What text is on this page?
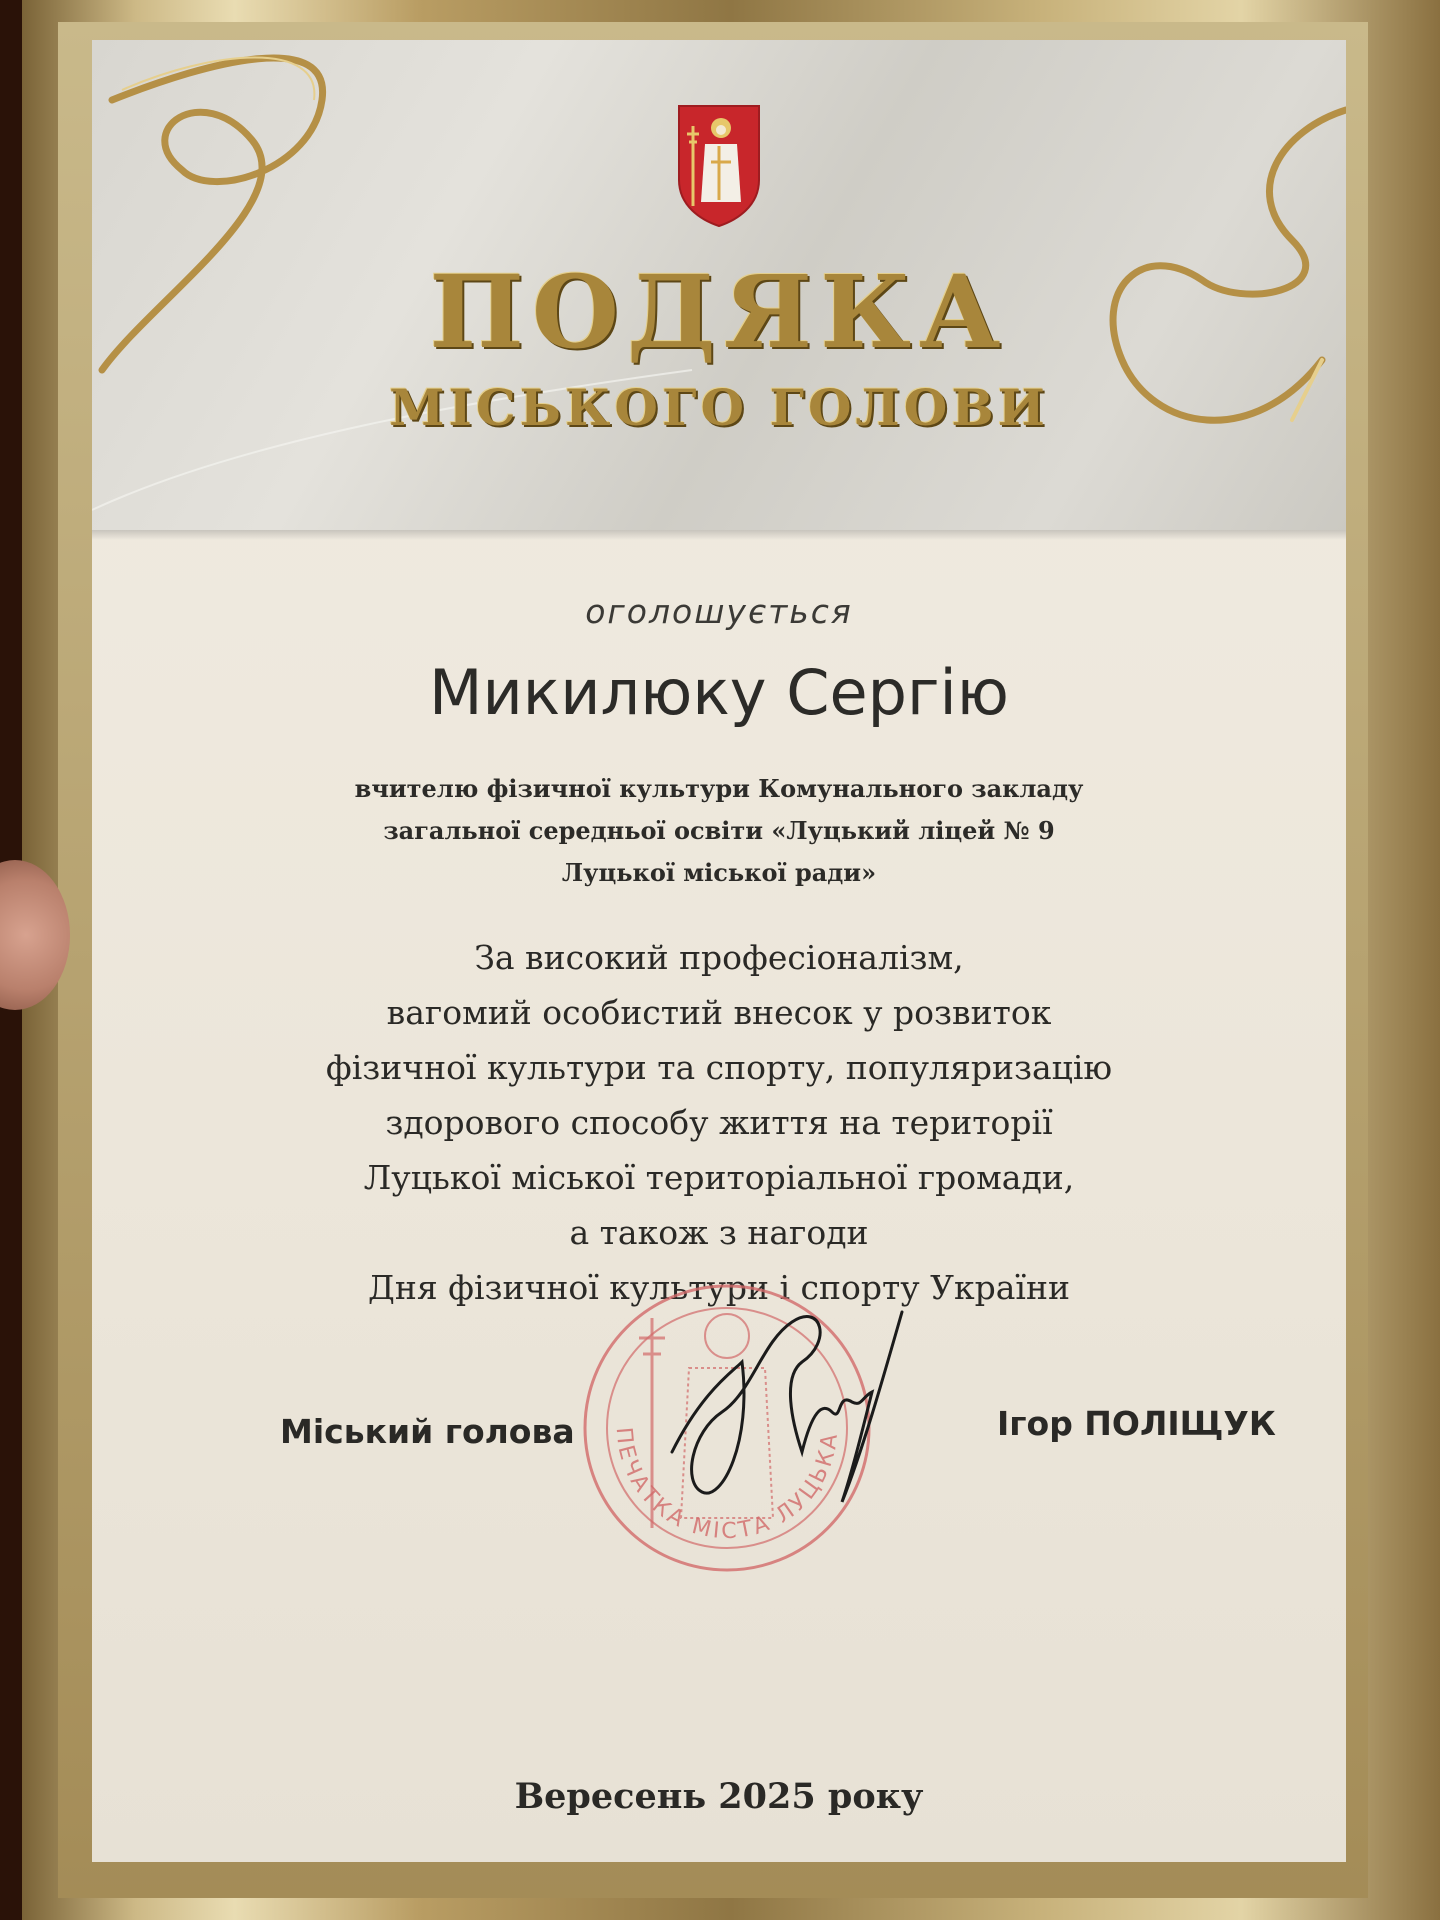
ПОДЯКА
МІСЬКОГО ГОЛОВИ
оголошується
Микилюку Сергію
вчителю фізичної культури Комунального закладу
загальної середньої освіти «Луцький ліцей № 9
Луцької міської ради»
За високий професіоналізм,
вагомий особистий внесок у розвиток
фізичної культури та спорту, популяризацію
здорового способу життя на території
Луцької міської територіальної громади,
а також з нагоди
Дня фізичної культури і спорту України
ПЕЧАТКА МІСТА ЛУЦЬКА
Міський голова	Ігор ПОЛІЩУК
Вересень 2025 року
